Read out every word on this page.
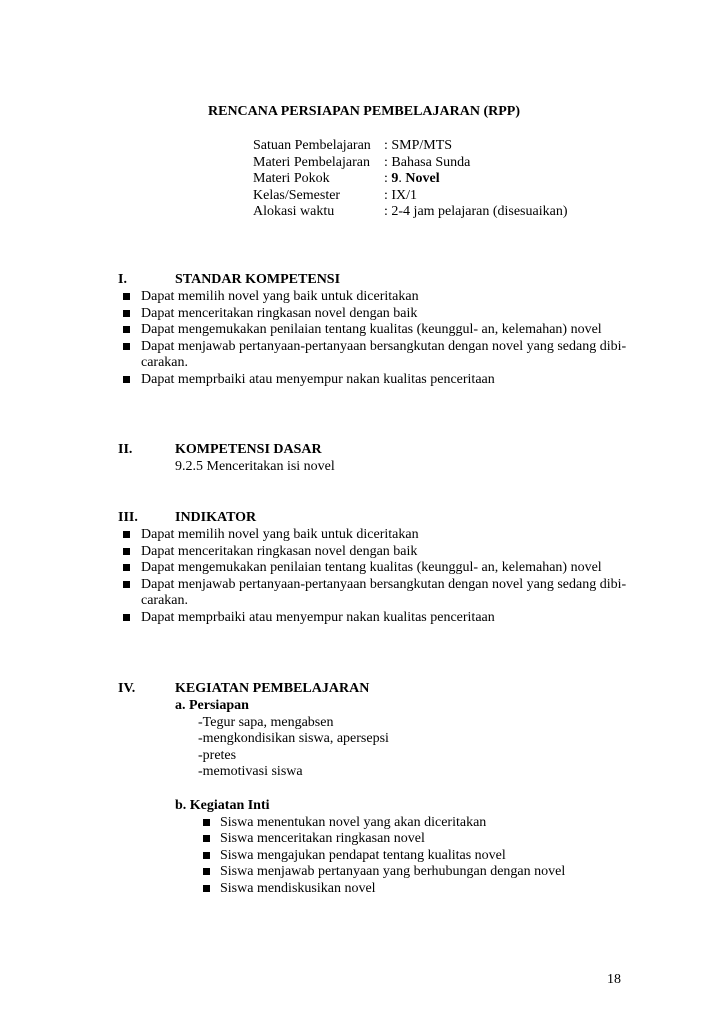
RENCANA PERSIAPAN PEMBELAJARAN (RPP)
Satuan Pembelajaran : SMP/MTS
Materi Pembelajaran : Bahasa Sunda
Materi Pokok	: 9. Novel
Kelas/Semester	: IX/1
Alokasi waktu	: 2-4 jam pelajaran (disesuaikan)
I.	STANDAR KOMPETENSI
Dapat memilih novel yang baik untuk diceritakan
Dapat menceritakan ringkasan novel dengan baik
Dapat mengemukakan penilaian tentang kualitas (keunggul- an, kelemahan) novel
Dapat menjawab pertanyaan-pertanyaan bersangkutan dengan novel yang sedang dibi- carakan.
Dapat memprbaiki atau menyempur nakan kualitas penceritaan
II.	KOMPETENSI DASAR
9.2.5 Menceritakan isi novel
III.	INDIKATOR
Dapat memilih novel yang baik untuk diceritakan
Dapat menceritakan ringkasan novel dengan baik
Dapat mengemukakan penilaian tentang kualitas (keunggul- an, kelemahan) novel
Dapat menjawab pertanyaan-pertanyaan bersangkutan dengan novel yang sedang dibi- carakan.
Dapat memprbaiki atau menyempur nakan kualitas penceritaan
IV.	KEGIATAN PEMBELAJARAN
a. Persiapan
-Tegur sapa, mengabsen
-mengkondisikan siswa, apersepsi
-pretes
-memotivasi siswa
b. Kegiatan Inti
Siswa menentukan novel yang akan diceritakan
Siswa menceritakan ringkasan novel
Siswa mengajukan pendapat tentang kualitas novel
Siswa menjawab pertanyaan yang berhubungan dengan novel
Siswa mendiskusikan novel
18
